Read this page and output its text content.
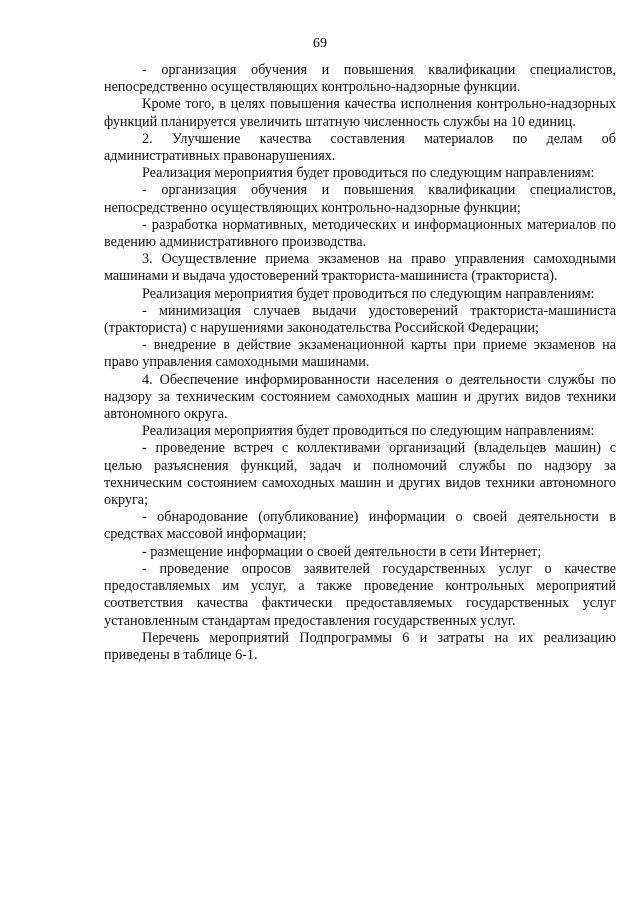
69

- организация обучения и повышения квалификации специалистов, непосредственно осуществляющих контрольно-надзорные функции.

Кроме того, в целях повышения качества исполнения контрольно-надзорных функций планируется увеличить штатную численность службы на 10 единиц.

2. Улучшение качества составления материалов по делам об административных правонарушениях.

Реализация мероприятия будет проводиться по следующим направлениям:

- организация обучения и повышения квалификации специалистов, непосредственно осуществляющих контрольно-надзорные функции;

- разработка нормативных, методических и информационных материалов по ведению административного производства.

3. Осуществление приема экзаменов на право управления самоходными машинами и выдача удостоверений тракториста-машиниста (тракториста).

Реализация мероприятия будет проводиться по следующим направлениям:

- минимизация случаев выдачи удостоверений тракториста-машиниста (тракториста) с нарушениями законодательства Российской Федерации;

- внедрение в действие экзаменационной карты при приеме экзаменов на право управления самоходными машинами.

4. Обеспечение информированности населения о деятельности службы по надзору за техническим состоянием самоходных машин и других видов техники автономного округа.

Реализация мероприятия будет проводиться по следующим направлениям:

- проведение встреч с коллективами организаций (владельцев машин) с целью разъяснения функций, задач и полномочий службы по надзору за техническим состоянием самоходных машин и других видов техники автономного округа;

- обнародование (опубликование) информации о своей деятельности в средствах массовой информации;

- размещение информации о своей деятельности в сети Интернет;

- проведение опросов заявителей государственных услуг о качестве предоставляемых им услуг, а также проведение контрольных мероприятий соответствия качества фактически предоставляемых государственных услуг установленным стандартам предоставления государственных услуг.

Перечень мероприятий Подпрограммы 6 и затраты на их реализацию приведены в таблице 6-1.
